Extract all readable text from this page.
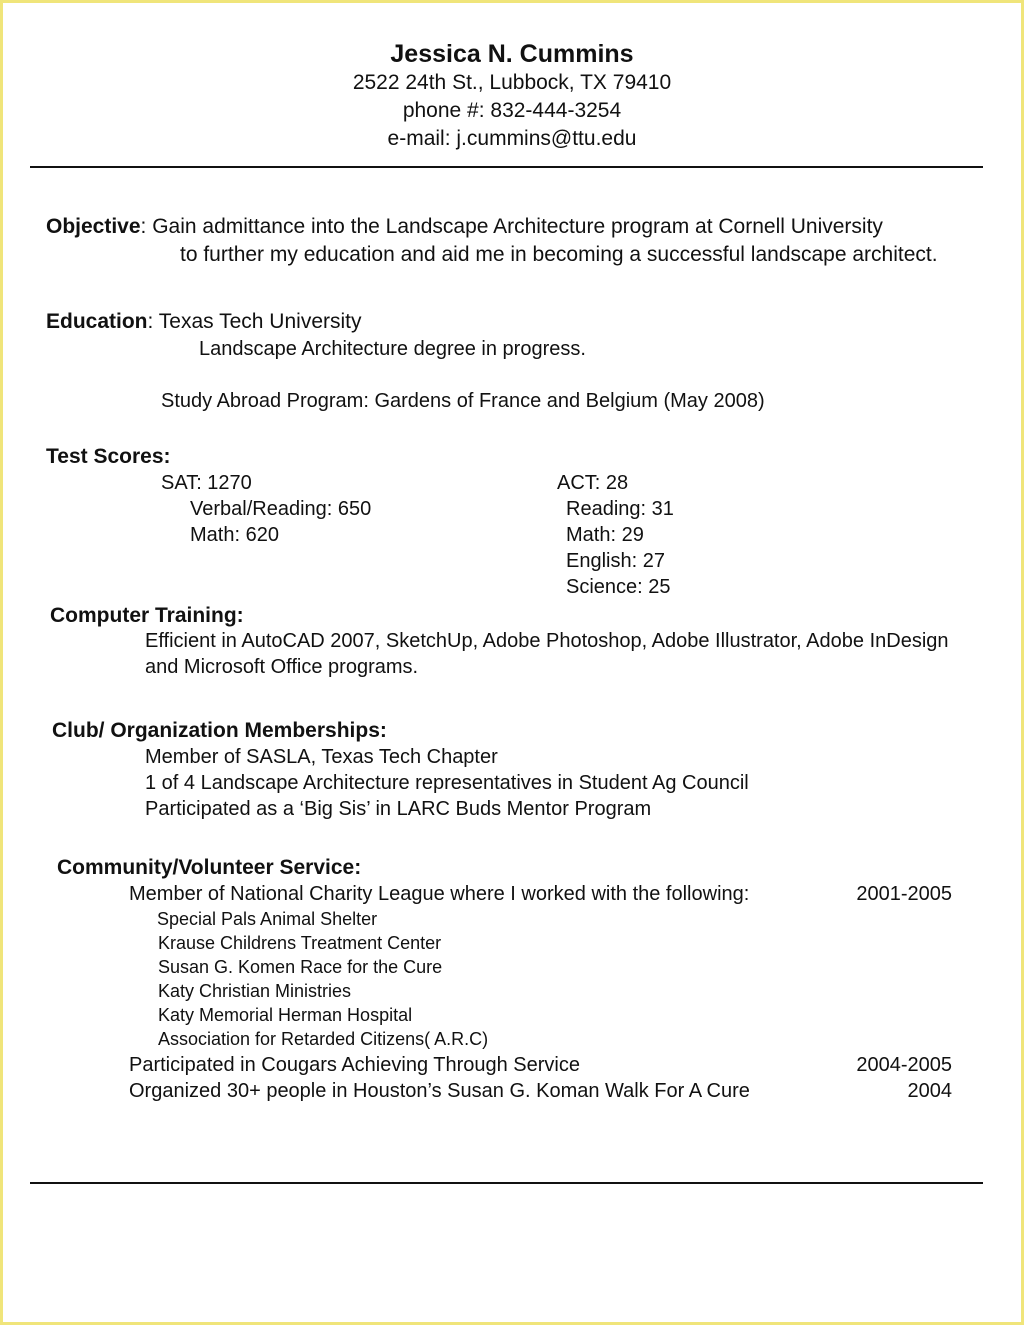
Jessica N. Cummins
2522 24th St., Lubbock, TX 79410
phone #: 832-444-3254
e-mail: j.cummins@ttu.edu
Objective: Gain admittance into the Landscape Architecture program at Cornell University
to further my education and aid me in becoming a successful landscape architect.
Education: Texas Tech University
Landscape Architecture degree in progress.
Study Abroad Program: Gardens of France and Belgium (May 2008)
Test Scores:
SAT: 1270
Verbal/Reading: 650
Math: 620
ACT: 28
Reading: 31
Math: 29
English: 27
Science: 25
Computer Training:
Efficient in AutoCAD 2007, SketchUp, Adobe Photoshop, Adobe Illustrator, Adobe InDesign
and Microsoft Office programs.
Club/ Organization Memberships:
Member of SASLA, Texas Tech Chapter
1 of 4 Landscape Architecture representatives in Student Ag Council
Participated as a ‘Big Sis’ in LARC Buds Mentor Program
Community/Volunteer Service:
Member of National Charity League where I worked with the following:	2001-2005
Special Pals Animal Shelter
Krause Childrens Treatment Center
Susan G. Komen Race for the Cure
Katy Christian Ministries
Katy Memorial Herman Hospital
Association for Retarded Citizens( A.R.C)
Participated in Cougars Achieving Through Service	2004-2005
Organized 30+ people in Houston’s Susan G. Koman Walk For A Cure	2004
